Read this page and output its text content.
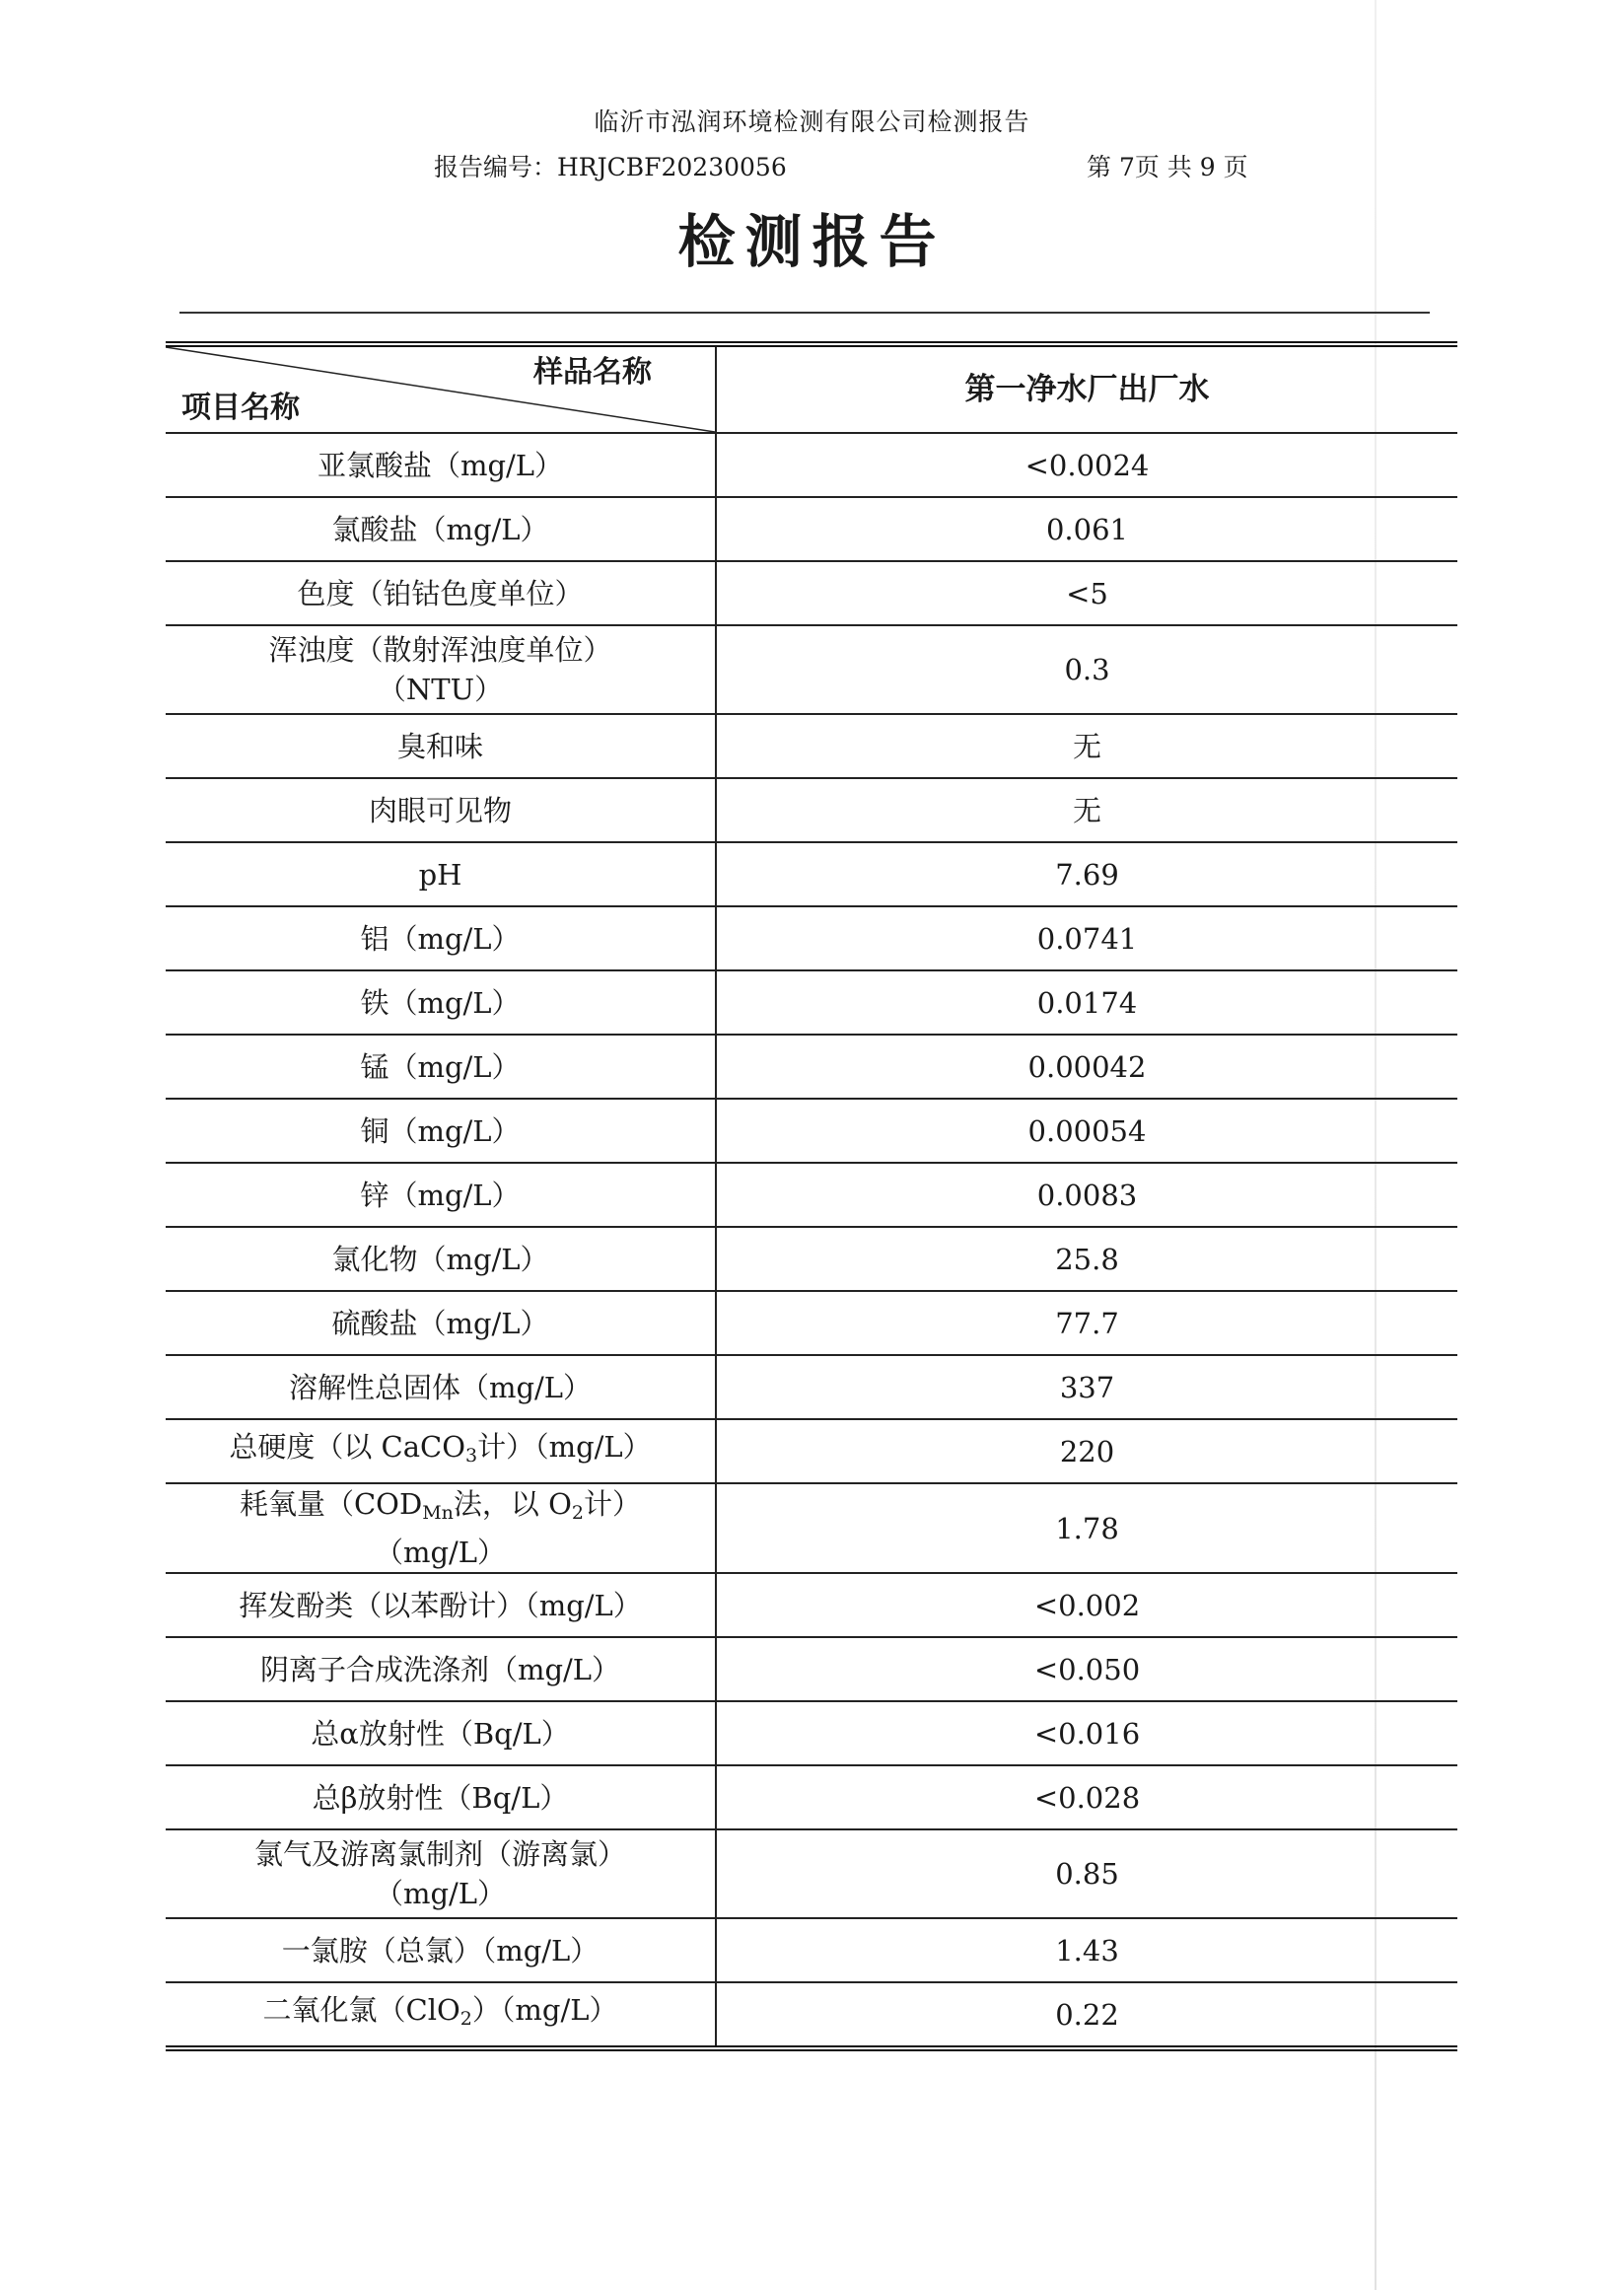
临沂市泓润环境检测有限公司检测报告
报告编号：HRJCBF20230056	第 7页 共 9 页
检测报告
样品名称
项目名称	第一净水厂出厂水
亚氯酸盐（mg/L）	<0.0024
氯酸盐（mg/L）	0.061
色度（铂钴色度单位）	<5

浑浊度（散射浑浊度单位）
（NTU）	0.3
臭和味	无
肉眼可见物	无
pH	7.69
铝（mg/L）	0.0741
铁（mg/L）	0.0174
锰（mg/L）	0.00042
铜（mg/L）	0.00054
锌（mg/L）	0.0083
氯化物（mg/L）	25.8
硫酸盐（mg/L）	77.7
溶解性总固体（mg/L）	337
总硬度（以 CaCO$_3$计）（mg/L）	220

耗氧量（$COD_{Mn}$法，以 $O_2$计）
（mg/L）	1.78
挥发酚类（以苯酚计）（mg/L）	<0.002
阴离子合成洗涤剂（mg/L）	<0.050
总α放射性（Bq/L）	<0.016
总β放射性（Bq/L）	<0.028

氯气及游离氯制剂（游离氯）
（mg/L）	0.85
一氯胺（总氯）（mg/L）	1.43
二氧化氯（ClO$_2$）（mg/L）	0.22
